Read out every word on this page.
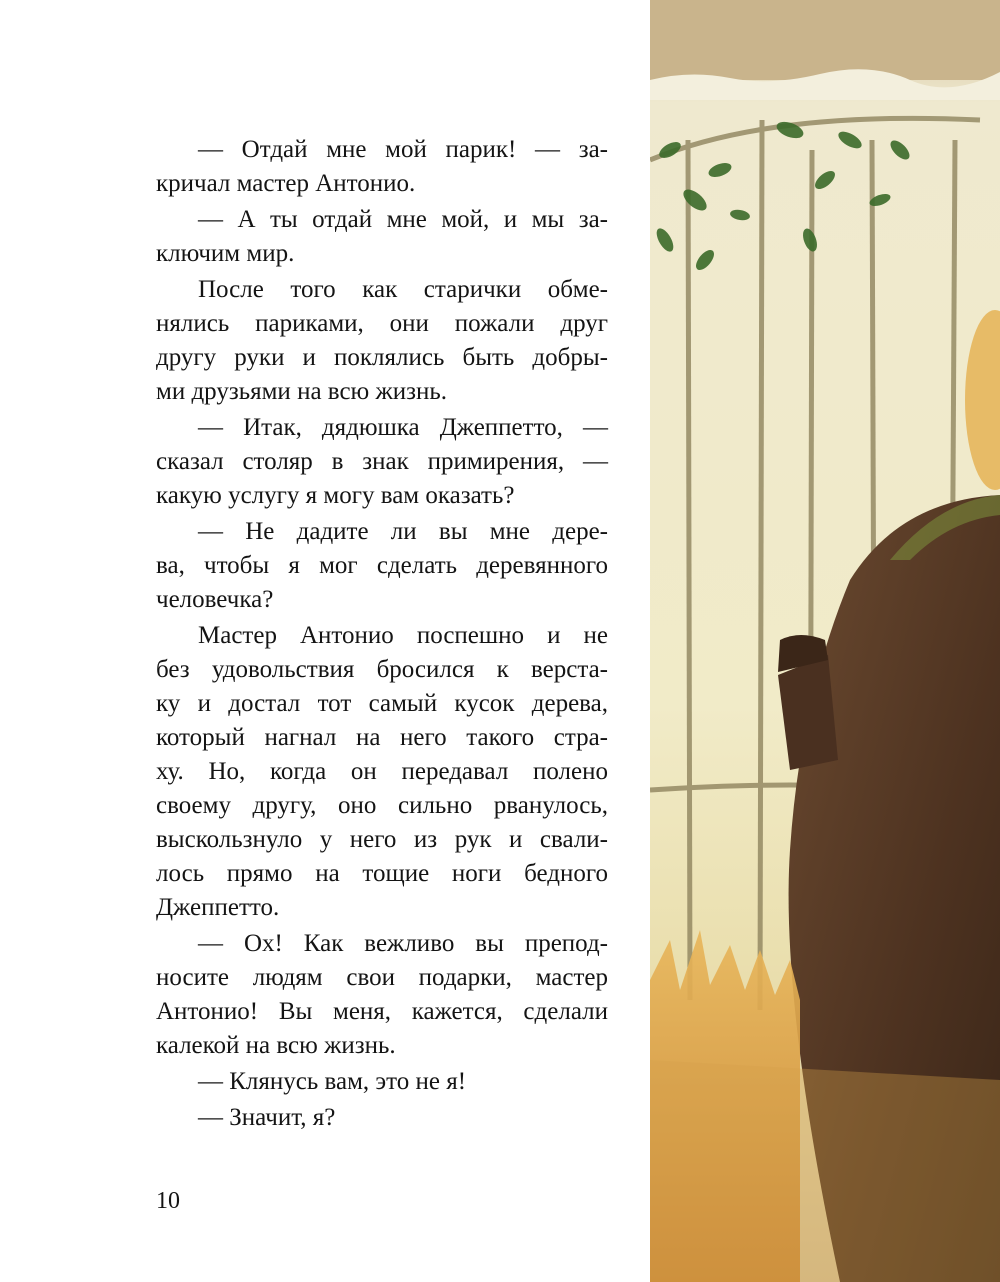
— Отдай мне мой парик! — за-
кричал мастер Антонио.
— А ты отдай мне мой, и мы за-
ключим мир.
После того как старички обме-
нялись париками, они пожали друг
другу руки и поклялись быть добры-
ми друзьями на всю жизнь.
— Итак, дядюшка Джеппетто, —
сказал столяр в знак примирения, —
какую услугу я могу вам оказать?
— Не дадите ли вы мне дере-
ва, чтобы я мог сделать деревянного
человечка?
Мастер Антонио поспешно и не
без удовольствия бросился к верста-
ку и достал тот самый кусок дерева,
который нагнал на него такого стра-
ху. Но, когда он передавал полено
своему другу, оно сильно рванулось,
выскользнуло у него из рук и свали-
лось прямо на тощие ноги бедного
Джеппетто.
— Ох! Как вежливо вы препод-
носите людям свои подарки, мастер
Антонио! Вы меня, кажется, сделали
калекой на всю жизнь.
— Клянусь вам, это не я!
— Значит, я?
10
